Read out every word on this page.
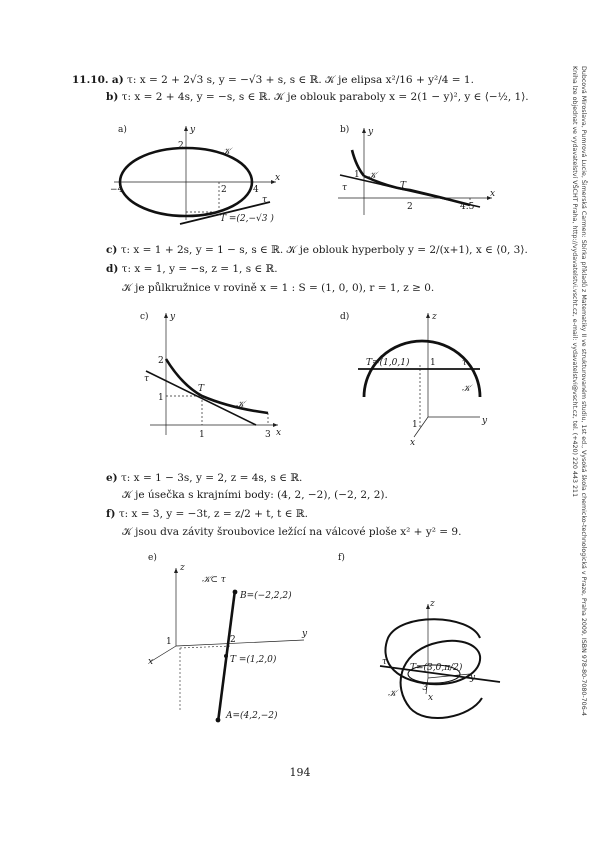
Dubcová Miroslava, Pumrová Lucie, Šimerská Carmen: Sbírka příkladů z Matematiky II ve strukturovaném studiu, 1st ed., Vysoká škola chemicko-technologická v Praze, Praha 2009, ISBN 978-80-7080-706-4
Kniha lze objednat ve vydavatelství VŠCHT Praha, http://vydavatelstvi.vscht.cz, e-mail: vydavatelstvi@vscht.cz, tel. (+420) 220 443 211
11.10. a) τ: x = 2 + 2√3 s, y = −√3 + s, s ∈ ℝ. 𝒦 je elipsa x²/16 + y²/4 = 1.
b) τ: x = 2 + 4s, y = −s, s ∈ ℝ. 𝒦 je oblouk paraboly x = 2(1 − y)², y ∈ ⟨−½, 1⟩.
a)	y
2
𝒦
−4	2	4
x
τ
T =(2,−√3 )
b) y
1 𝒦
τ	T
2	4.5
x
c) τ: x = 1 + 2s, y = 1 − s, s ∈ ℝ. 𝒦 je oblouk hyperboly y = 2/(x+1), x ∈ ⟨0, 3⟩.
d) τ: x = 1, y = −s, z = 1, s ∈ ℝ.
𝒦 je půlkružnice v rovině x = 1 : S = (1, 0, 0), r = 1, z ≥ 0.
c) y
2
τ
1
T
𝒦
1	3 x
d)	z
T=(1,0,1) 1	τ
𝒦
1	y
x
e) τ: x = 1 − 3s, y = 2, z = 4s, s ∈ ℝ.
𝒦 je úsečka s krajními body: (4, 2, −2), (−2, 2, 2).
f) τ: x = 3, y = −3t, z = z/2 + t, t ∈ ℝ.
𝒦 jsou dva závity šroubovice ležící na válcové ploše x² + y² = 9.
e)
z
𝒦⊂ τ
B=(−2,2,2)
1	2
T =(1,2,0)
y
x
A=(4,2,−2)
f)
z
τ
T=(3,0,π/2)
3
y
𝒦	x
194
